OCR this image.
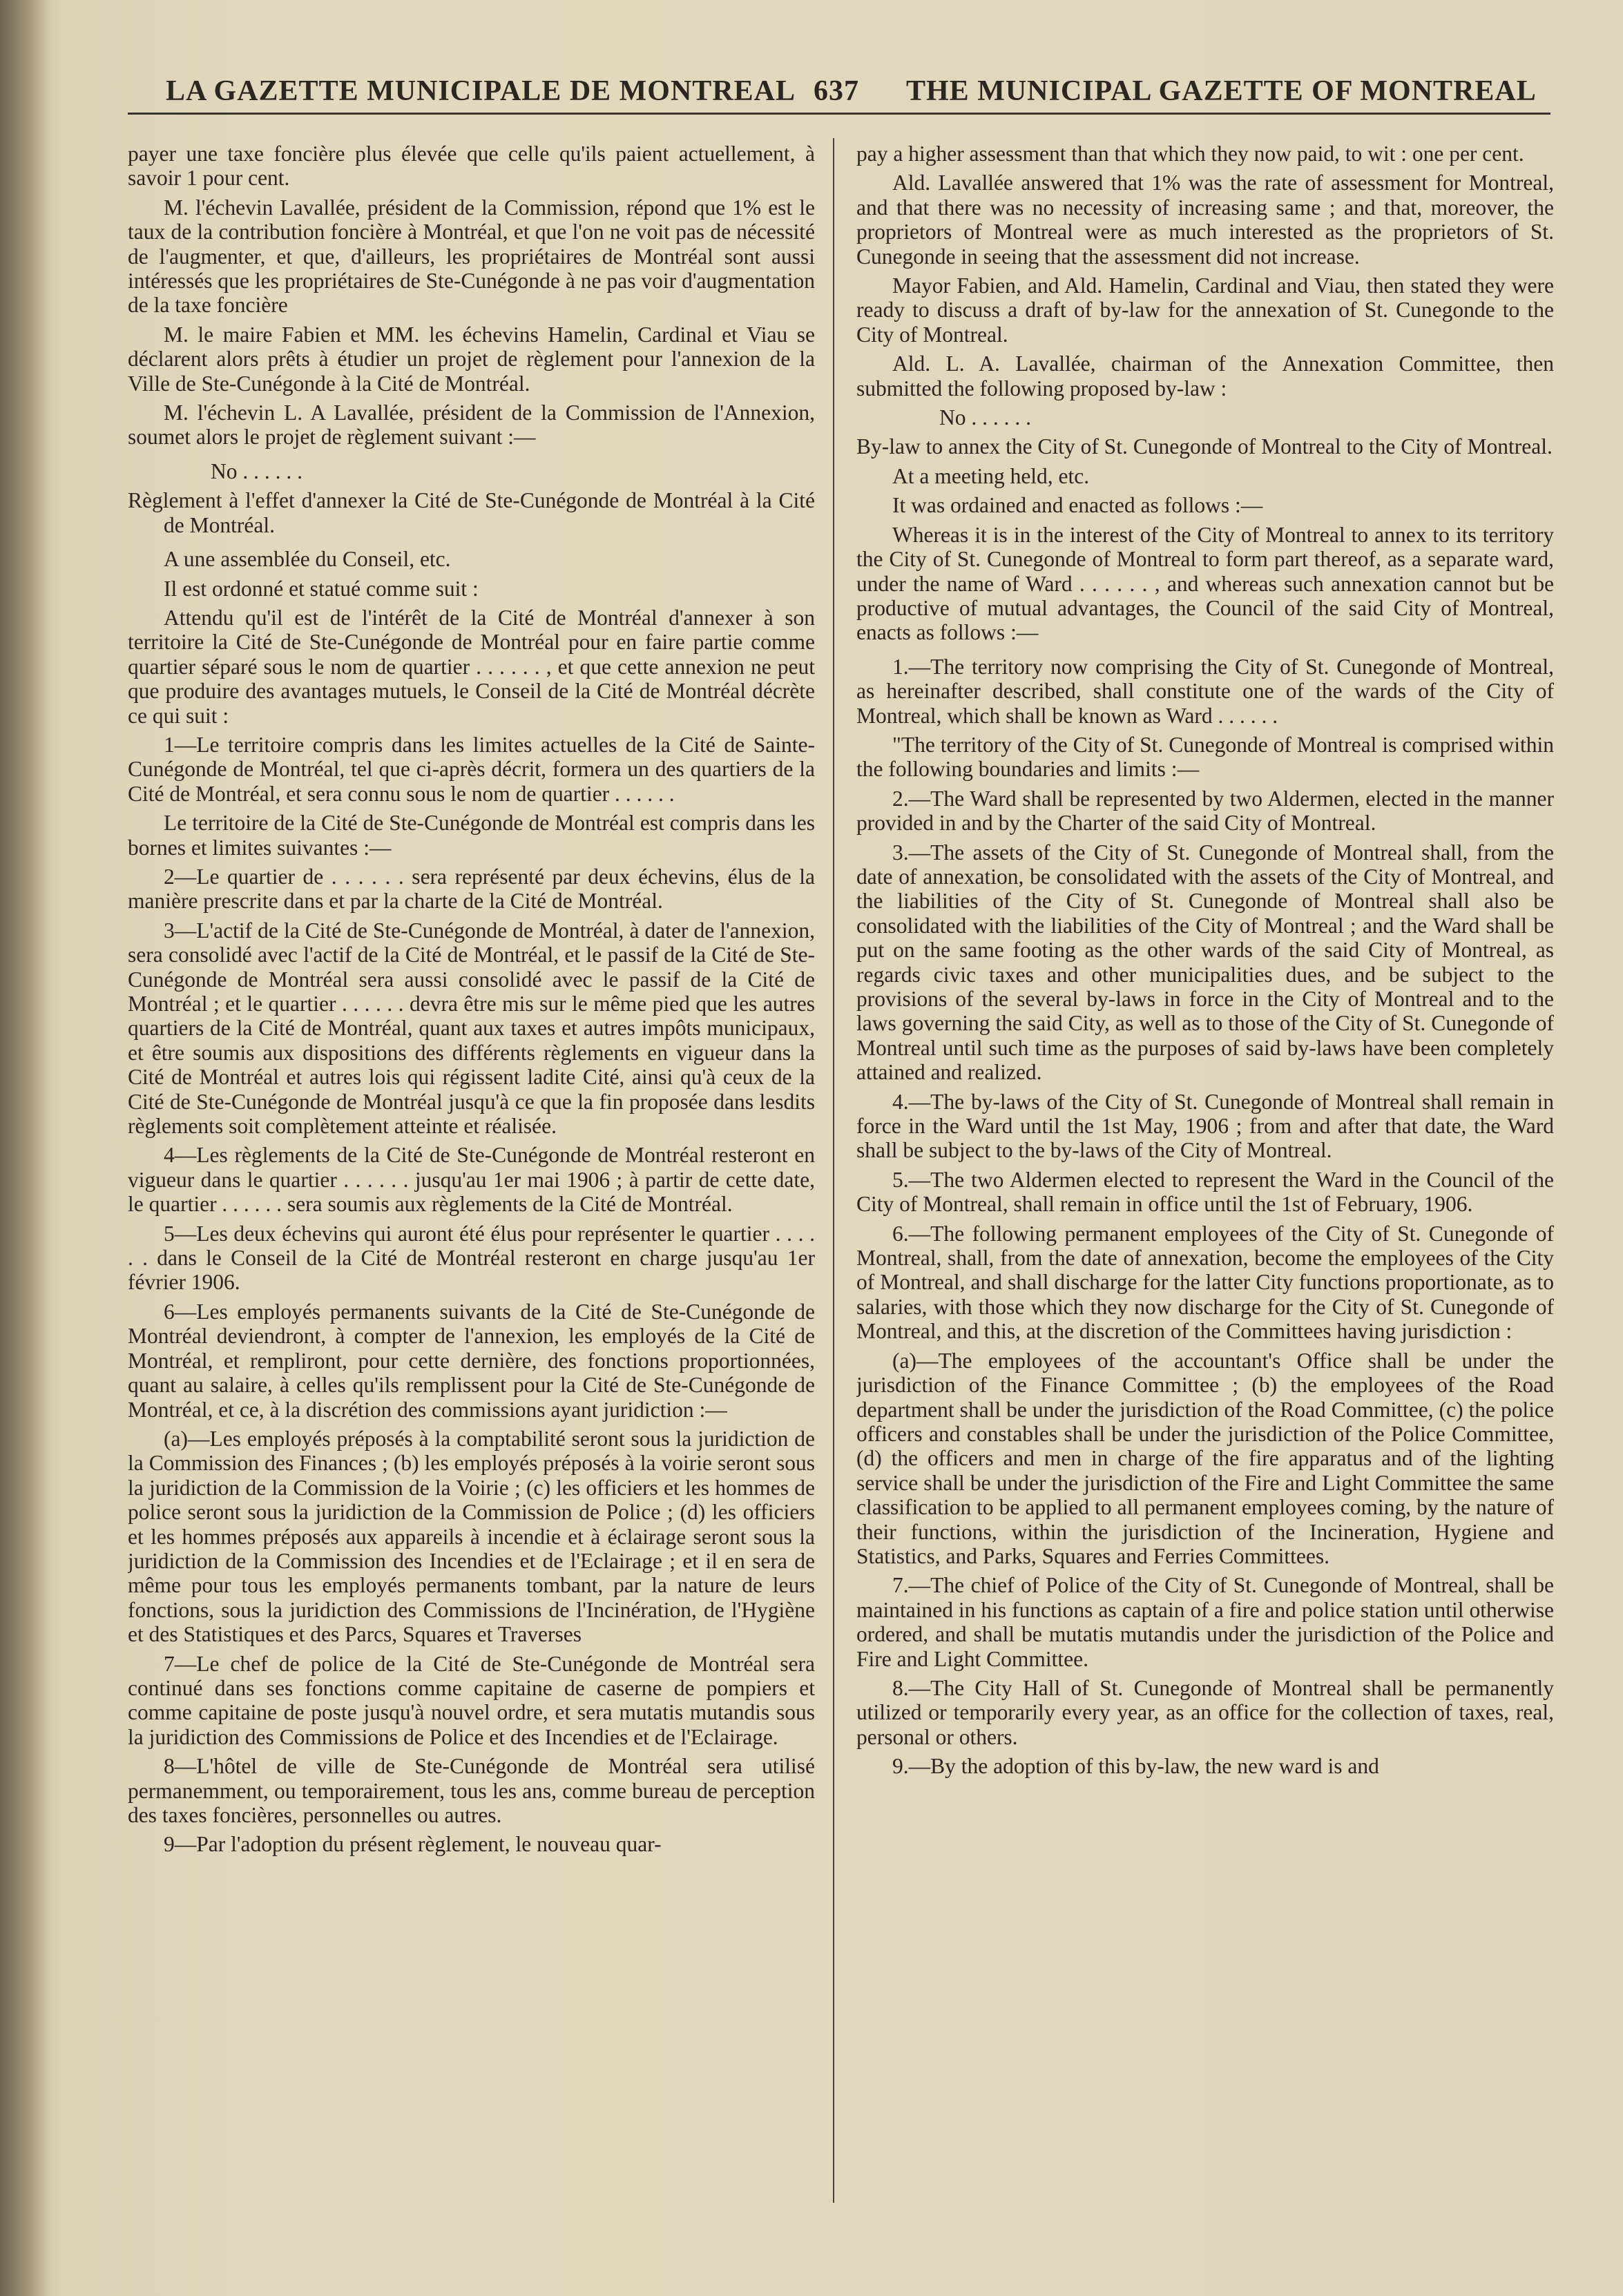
LA GAZETTE MUNICIPALE DE MONTREAL 637 THE MUNICIPAL GAZETTE OF MONTREAL

payer une taxe foncière plus élevée que celle qu'ils paient actuellement, à savoir 1 pour cent.

M. l'échevin Lavallée, président de la Commission, répond que 1% est le taux de la contribution foncière à Montréal, et que l'on ne voit pas de nécessité de l'augmenter, et que, d'ailleurs, les propriétaires de Montréal sont aussi intéressés que les propriétaires de Ste-Cunégonde à ne pas voir d'augmentation de la taxe foncière

M. le maire Fabien et MM. les échevins Hamelin, Cardinal et Viau se déclarent alors prêts à étudier un projet de règlement pour l'annexion de la Ville de Ste-Cunégonde à la Cité de Montréal.

M. l'échevin L. A Lavallée, président de la Commission de l'Annexion, soumet alors le projet de règlement suivant :—

No . . . . . .

Règlement à l'effet d'annexer la Cité de Ste-Cunégonde de Montréal à la Cité de Montréal.

A une assemblée du Conseil, etc.

Il est ordonné et statué comme suit :

Attendu qu'il est de l'intérêt de la Cité de Montréal d'annexer à son territoire la Cité de Ste-Cunégonde de Montréal pour en faire partie comme quartier séparé sous le nom de quartier . . . . . . , et que cette annexion ne peut que produire des avantages mutuels, le Conseil de la Cité de Montréal décrète ce qui suit :

1—Le territoire compris dans les limites actuelles de la Cité de Sainte-Cunégonde de Montréal, tel que ci-après décrit, formera un des quartiers de la Cité de Montréal, et sera connu sous le nom de quartier . . . . . .

Le territoire de la Cité de Ste-Cunégonde de Montréal est compris dans les bornes et limites suivantes :—

2—Le quartier de . . . . . . sera représenté par deux échevins, élus de la manière prescrite dans et par la charte de la Cité de Montréal.

3—L'actif de la Cité de Ste-Cunégonde de Montréal, à dater de l'annexion, sera consolidé avec l'actif de la Cité de Montréal, et le passif de la Cité de Ste-Cunégonde de Montréal sera aussi consolidé avec le passif de la Cité de Montréal ; et le quartier . . . . . . devra être mis sur le même pied que les autres quartiers de la Cité de Montréal, quant aux taxes et autres impôts municipaux, et être soumis aux dispositions des différents règlements en vigueur dans la Cité de Montréal et autres lois qui régissent ladite Cité, ainsi qu'à ceux de la Cité de Ste-Cunégonde de Montréal jusqu'à ce que la fin proposée dans lesdits règlements soit complètement atteinte et réalisée.

4—Les règlements de la Cité de Ste-Cunégonde de Montréal resteront en vigueur dans le quartier . . . . . . jusqu'au 1er mai 1906 ; à partir de cette date, le quartier . . . . . . sera soumis aux règlements de la Cité de Montréal.

5—Les deux échevins qui auront été élus pour représenter le quartier . . . . . . dans le Conseil de la Cité de Montréal resteront en charge jusqu'au 1er février 1906.

6—Les employés permanents suivants de la Cité de Ste-Cunégonde de Montréal deviendront, à compter de l'annexion, les employés de la Cité de Montréal, et rempliront, pour cette dernière, des fonctions proportionnées, quant au salaire, à celles qu'ils remplissent pour la Cité de Ste-Cunégonde de Montréal, et ce, à la discrétion des commissions ayant juridiction :—

(a)—Les employés préposés à la comptabilité seront sous la juridiction de la Commission des Finances ; (b) les employés préposés à la voirie seront sous la juridiction de la Commission de la Voirie ; (c) les officiers et les hommes de police seront sous la juridiction de la Commission de Police ; (d) les officiers et les hommes préposés aux appareils à incendie et à éclairage seront sous la juridiction de la Commission des Incendies et de l'Eclairage ; et il en sera de même pour tous les employés permanents tombant, par la nature de leurs fonctions, sous la juridiction des Commissions de l'Incinération, de l'Hygiène et des Statistiques et des Parcs, Squares et Traverses

7—Le chef de police de la Cité de Ste-Cunégonde de Montréal sera continué dans ses fonctions comme capitaine de caserne de pompiers et comme capitaine de poste jusqu'à nouvel ordre, et sera mutatis mutandis sous la juridiction des Commissions de Police et des Incendies et de l'Eclairage.

8—L'hôtel de ville de Ste-Cunégonde de Montréal sera utilisé permanemment, ou temporairement, tous les ans, comme bureau de perception des taxes foncières, personnelles ou autres.

9—Par l'adoption du présent règlement, le nouveau quar-

pay a higher assessment than that which they now paid, to wit : one per cent.

Ald. Lavallée answered that 1% was the rate of assessment for Montreal, and that there was no necessity of increasing same ; and that, moreover, the proprietors of Montreal were as much interested as the proprietors of St. Cunegonde in seeing that the assessment did not increase.

Mayor Fabien, and Ald. Hamelin, Cardinal and Viau, then stated they were ready to discuss a draft of by-law for the annexation of St. Cunegonde to the City of Montreal.

Ald. L. A. Lavallée, chairman of the Annexation Committee, then submitted the following proposed by-law :

No . . . . . .

By-law to annex the City of St. Cunegonde of Montreal to the City of Montreal.

At a meeting held, etc.

It was ordained and enacted as follows :—

Whereas it is in the interest of the City of Montreal to annex to its territory the City of St. Cunegonde of Montreal to form part thereof, as a separate ward, under the name of Ward . . . . . . , and whereas such annexation cannot but be productive of mutual advantages, the Council of the said City of Montreal, enacts as follows :—

1.—The territory now comprising the City of St. Cunegonde of Montreal, as hereinafter described, shall constitute one of the wards of the City of Montreal, which shall be known as Ward . . . . . .

"The territory of the City of St. Cunegonde of Montreal is comprised within the following boundaries and limits :—

2.—The Ward shall be represented by two Aldermen, elected in the manner provided in and by the Charter of the said City of Montreal.

3.—The assets of the City of St. Cunegonde of Montreal shall, from the date of annexation, be consolidated with the assets of the City of Montreal, and the liabilities of the City of St. Cunegonde of Montreal shall also be consolidated with the liabilities of the City of Montreal ; and the Ward shall be put on the same footing as the other wards of the said City of Montreal, as regards civic taxes and other municipalities dues, and be subject to the provisions of the several by-laws in force in the City of Montreal and to the laws governing the said City, as well as to those of the City of St. Cunegonde of Montreal until such time as the purposes of said by-laws have been completely attained and realized.

4.—The by-laws of the City of St. Cunegonde of Montreal shall remain in force in the Ward until the 1st May, 1906 ; from and after that date, the Ward shall be subject to the by-laws of the City of Montreal.

5.—The two Aldermen elected to represent the Ward in the Council of the City of Montreal, shall remain in office until the 1st of February, 1906.

6.—The following permanent employees of the City of St. Cunegonde of Montreal, shall, from the date of annexation, become the employees of the City of Montreal, and shall discharge for the latter City functions proportionate, as to salaries, with those which they now discharge for the City of St. Cunegonde of Montreal, and this, at the discretion of the Committees having jurisdiction :

(a)—The employees of the accountant's Office shall be under the jurisdiction of the Finance Committee ; (b) the employees of the Road department shall be under the jurisdiction of the Road Committee, (c) the police officers and constables shall be under the jurisdiction of the Police Committee, (d) the officers and men in charge of the fire apparatus and of the lighting service shall be under the jurisdiction of the Fire and Light Committee the same classification to be applied to all permanent employees coming, by the nature of their functions, within the jurisdiction of the Incineration, Hygiene and Statistics, and Parks, Squares and Ferries Committees.

7.—The chief of Police of the City of St. Cunegonde of Montreal, shall be maintained in his functions as captain of a fire and police station until otherwise ordered, and shall be mutatis mutandis under the jurisdiction of the Police and Fire and Light Committee.

8.—The City Hall of St. Cunegonde of Montreal shall be permanently utilized or temporarily every year, as an office for the collection of taxes, real, personal or others.

9.—By the adoption of this by-law, the new ward is and
